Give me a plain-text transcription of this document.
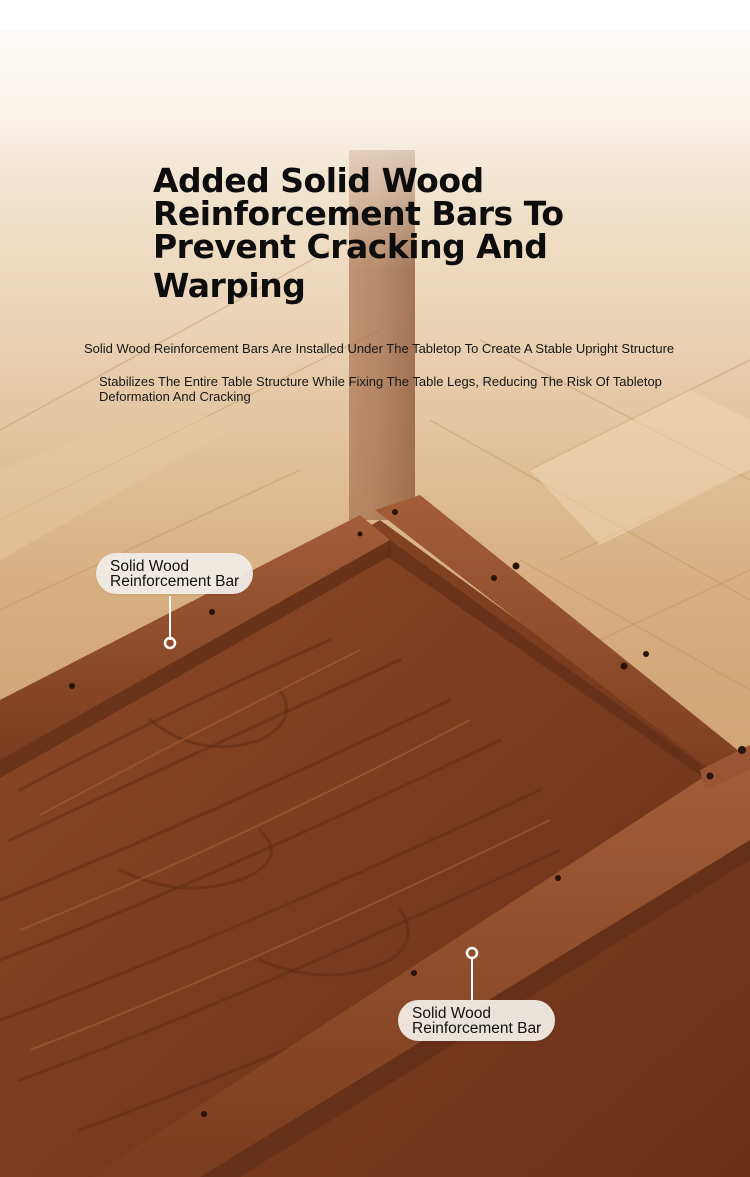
Added Solid Wood
Reinforcement Bars To
Prevent Cracking And
Warping

Solid Wood Reinforcement Bars Are Installed Under The Tabletop To Create A Stable Upright Structure

Stabilizes The Entire Table Structure While Fixing The Table Legs, Reducing The Risk Of Tabletop Deformation And Cracking

Solid Wood
Reinforcement Bar
Solid Wood
Reinforcement Bar
